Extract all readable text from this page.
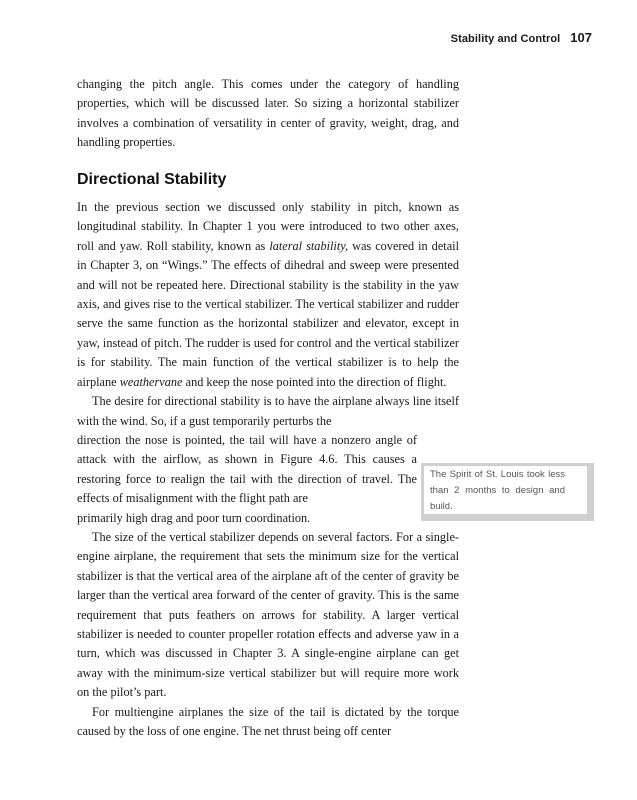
Stability and Control 107

changing the pitch angle. This comes under the category of handling properties, which will be discussed later. So sizing a horizontal stabilizer involves a combination of versatility in center of gravity, weight, drag, and handling properties.

Directional Stability

In the previous section we discussed only stability in pitch, known as longitudinal stability. In Chapter 1 you were introduced to two other axes, roll and yaw. Roll stability, known as lateral stability, was covered in detail in Chapter 3, on “Wings.” The effects of dihedral and sweep were presented and will not be repeated here. Directional stability is the stability in the yaw axis, and gives rise to the vertical stabilizer. The vertical stabilizer and rudder serve the same function as the horizontal stabilizer and elevator, except in yaw, instead of pitch. The rudder is used for control and the vertical stabilizer is for stability. The main function of the vertical stabilizer is to help the airplane weathervane and keep the nose pointed into the direction of flight.

The desire for directional stability is to have the airplane always line itself with the wind. So, if a gust temporarily perturbs the

direction the nose is pointed, the tail will have a nonzero angle of attack with the airflow, as shown in Figure 4.6. This causes a restoring force to realign the tail with the direction of travel. The effects of misalignment with the flight path are

primarily high drag and poor turn coordination.

The size of the vertical stabilizer depends on several factors. For a single-engine airplane, the requirement that sets the minimum size for the vertical stabilizer is that the vertical area of the airplane aft of the center of gravity be larger than the vertical area forward of the center of gravity. This is the same requirement that puts feathers on arrows for stability. A larger vertical stabilizer is needed to counter propeller rotation effects and adverse yaw in a turn, which was discussed in Chapter 3. A single-engine airplane can get away with the minimum-size vertical stabilizer but will require more work on the pilot’s part.

For multiengine airplanes the size of the tail is dictated by the torque caused by the loss of one engine. The net thrust being off center

The Spirit of St. Louis took less than 2 months to design and build.
